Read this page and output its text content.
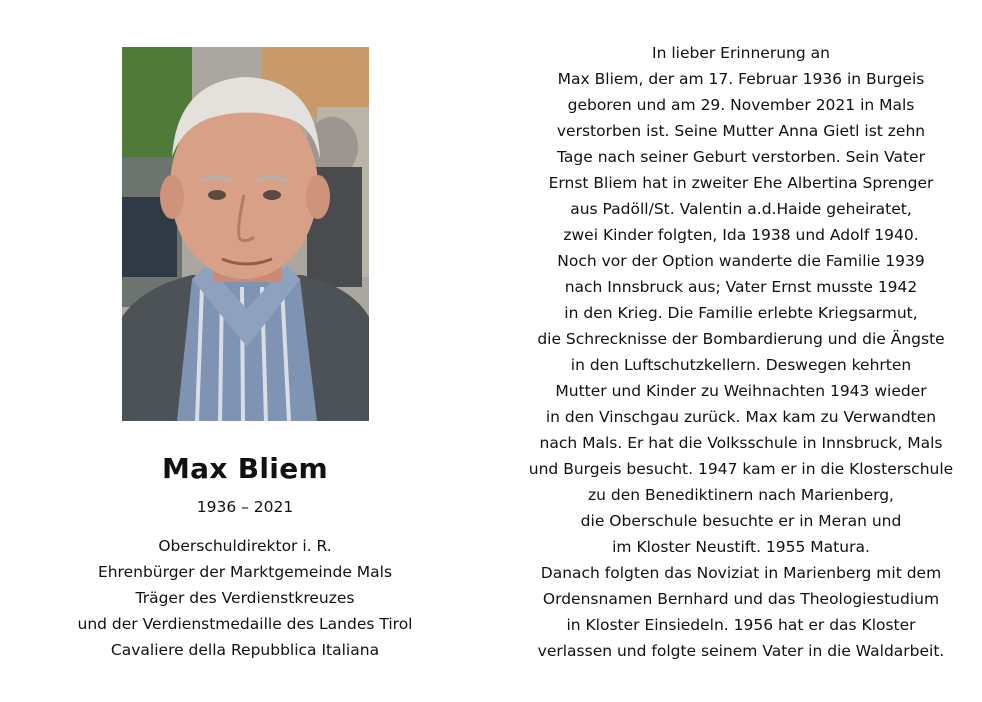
Max Bliem
1936 – 2021
Oberschuldirektor i. R.
Ehrenbürger der Marktgemeinde Mals
Träger des Verdienstkreuzes
und der Verdienstmedaille des Landes Tirol
Cavaliere della Repubblica Italiana
In lieber Erinnerung an
Max Bliem, der am 17. Februar 1936 in Burgeis
geboren und am 29. November 2021 in Mals
verstorben ist. Seine Mutter Anna Gietl ist zehn
Tage nach seiner Geburt verstorben. Sein Vater
Ernst Bliem hat in zweiter Ehe Albertina Sprenger
aus Padöll/St. Valentin a.d.Haide geheiratet,
zwei Kinder folgten, Ida 1938 und Adolf 1940.
Noch vor der Option wanderte die Familie 1939
nach Innsbruck aus; Vater Ernst musste 1942
in den Krieg. Die Familie erlebte Kriegsarmut,
die Schrecknisse der Bombardierung und die Ängste
in den Luftschutzkellern. Deswegen kehrten
Mutter und Kinder zu Weihnachten 1943 wieder
in den Vinschgau zurück. Max kam zu Verwandten
nach Mals. Er hat die Volksschule in Innsbruck, Mals
und Burgeis besucht. 1947 kam er in die Klosterschule
zu den Benediktinern nach Marienberg,
die Oberschule besuchte er in Meran und
im Kloster Neustift. 1955 Matura.
Danach folgten das Noviziat in Marienberg mit dem
Ordensnamen Bernhard und das Theologiestudium
in Kloster Einsiedeln. 1956 hat er das Kloster
verlassen und folgte seinem Vater in die Waldarbeit.
